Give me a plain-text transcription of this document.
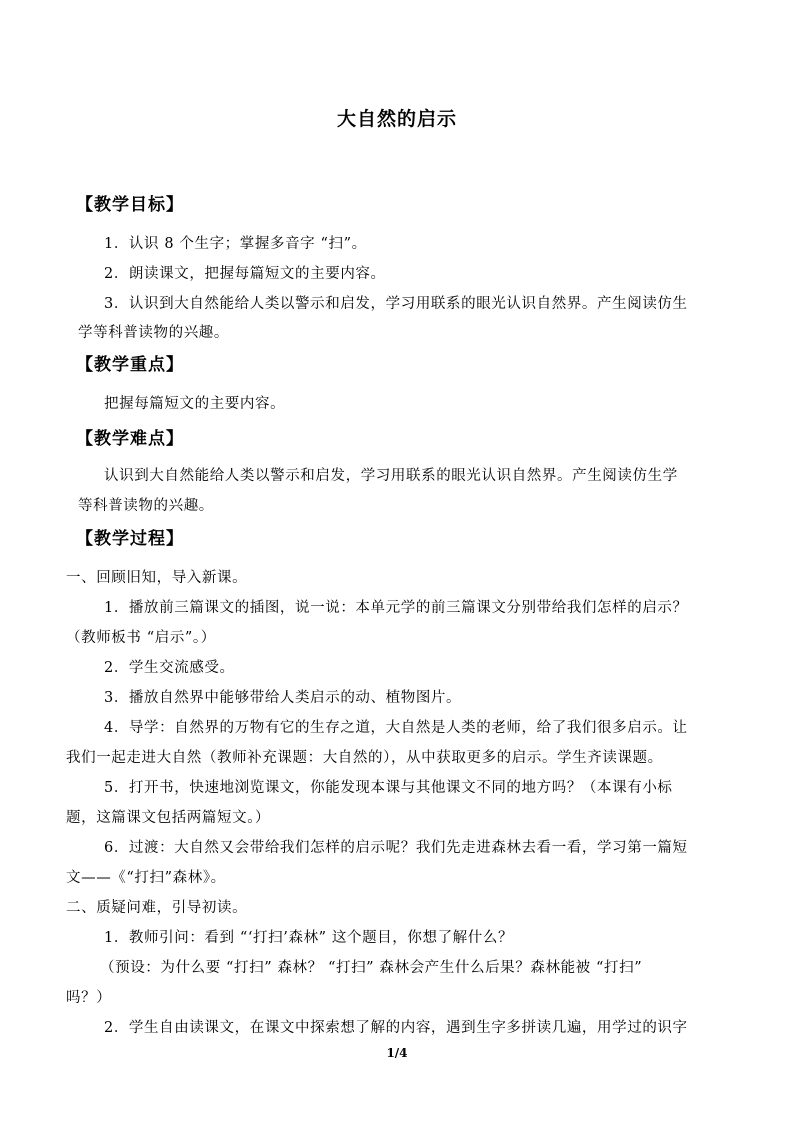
大自然的启示
【教学目标】
1．认识 8 个生字；掌握多音字 “扫”。
2．朗读课文，把握每篇短文的主要内容。
3．认识到大自然能给人类以警示和启发，学习用联系的眼光认识自然界。产生阅读仿生
学等科普读物的兴趣。
【教学重点】
把握每篇短文的主要内容。
【教学难点】
认识到大自然能给人类以警示和启发，学习用联系的眼光认识自然界。产生阅读仿生学
等科普读物的兴趣。
【教学过程】
一、回顾旧知，导入新课。
1．播放前三篇课文的插图，说一说：本单元学的前三篇课文分别带给我们怎样的启示？
（教师板书 “启示”。）
2．学生交流感受。
3．播放自然界中能够带给人类启示的动、植物图片。
4．导学：自然界的万物有它的生存之道，大自然是人类的老师，给了我们很多启示。让
我们一起走进大自然（教师补充课题：大自然的），从中获取更多的启示。学生齐读课题。
5．打开书，快速地浏览课文，你能发现本课与其他课文不同的地方吗？（本课有小标
题，这篇课文包括两篇短文。）
6．过渡：大自然又会带给我们怎样的启示呢？我们先走进森林去看一看，学习第一篇短
文——《“打扫”森林》。
二、质疑问难，引导初读。
1．教师引问：看到 “‘打扫’森林” 这个题目，你想了解什么？
（预设：为什么要 “打扫” 森林？ “打扫” 森林会产生什么后果？森林能被 “打扫”
吗？）
2．学生自由读课文，在课文中探索想了解的内容，遇到生字多拼读几遍，用学过的识字
1/4
